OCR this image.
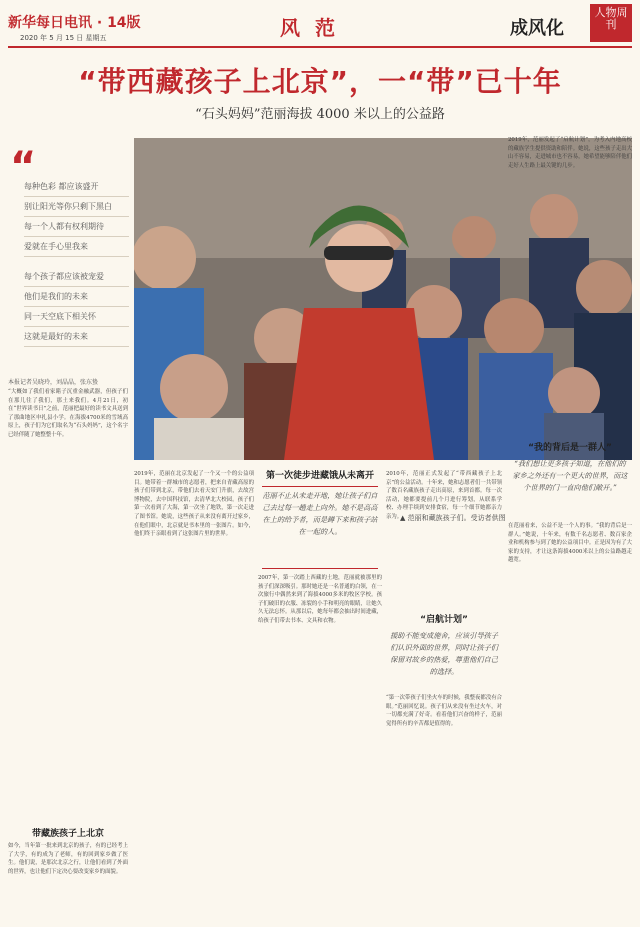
新华每日电讯 · 14版
2020 年 5 月 15 日 星期五	风 范	成风化
人物周刊
“带西藏孩子上北京”，一“带”已十年
“石头妈妈”范丽海拔 4000 米以上的公益路
“
每种色彩 都应该盛开
别让阳光等你只剩下黑白
每一个人都有权利期待
爱就在手心里我来
每个孩子都应该被宠爱
他们是我们的未来
同一天空底下相关怀
这就是最好的未来
▲ 范丽和藏族孩子们。受访者供图
本报记者吴晓玲，刘晶晶，张东蛰
“大概如了我们看家睹子沉重金融武器，但孩子们在那儿往了我们，那土来我们。4月21日，初在“世界读书日”之前，范丽把最好的读书文具送到了那曲地区申扎县小学。在海拔4700米的雪域高原上，孩子们为它们取名为“石头妈妈”，这个名字已经伴随了她整整十年。
带藏族孩子上北京
如今，当年第一批来到北京的孩子，有的已经考上了大学，有的成为了老师，有的回到家乡做了医生。他们说，是那次北京之行，让他们看到了外面的世界，也让他们下定决心要改变家乡的面貌。
2019年，范丽在北京发起了一个又一个的公益项目。她带着一群城市的志愿者，把来自青藏高原的孩子们带到北京，带他们去看天安门升旗，去故宫博物院，去中国科技馆，去清华北大校园。孩子们第一次看到了大海，第一次坐了地铁，第一次走进了图书馆。她说，这些孩子从来没有离开过家乡，在他们眼中，北京就是书本里的一张图片。如今，他们终于亲眼看到了这张图片里的世界。
第一次徒步进藏饿从未离开
范丽不止从未走开地，她让孩子们自己去过每一趟走上向外。她不是高高在上的给予者，而是蹲下来和孩子站在一起的人。
2007年，第一次踏上西藏的土地，范丽就被那里的孩子们深深吸引。那时她还是一名普通的白领，在一次旅行中偶然来到了海拔4000多米的牧区学校。孩子们破旧的衣服、冻裂的小手和明亮的眼睛，让她久久无法忘怀。从那以后，她每年都会抽出时间进藏，给孩子们带去书本、文具和衣物。
2010年，范丽正式发起了“带西藏孩子上北京”的公益活动。十年来，她和志愿者们一共带领了数百名藏族孩子走出高原，来到首都。每一次活动，她都要提前几个月进行筹划，从联系学校、办理手续到安排食宿，每一个细节她都亲力亲为。
“启航计划”
援助不能变成施舍，应该引导孩子们认识外面的世界，同时让孩子们保留对故乡的热爱，尊重他们自己的选择。
“第一次带孩子们坐火车的时候，我整夜都没有合眼。”范丽回忆说。孩子们从来没有坐过火车，对一切都充满了好奇。看着他们兴奋的样子，范丽觉得所有的辛苦都是值得的。
2019年，范丽发起了“启航计划”，为考入内地高校的藏族学生提供资助和陪伴。她说，这些孩子走出大山不容易，走进城市也不容易，她希望能够陪伴他们走好人生路上最关键的几步。
“我的背后是一群人”
“我们想让更多孩子知道，在他们的家乡之外还有一个更大的世界，而这个世界的门一直向他们敞开。”
在范丽看来，公益不是一个人的事。“我的背后是一群人。”她说，十年来，有数千名志愿者、数百家企业和机构参与到了她的公益项目中。正是因为有了大家的支持，才让这条海拔4000米以上的公益路越走越宽。
